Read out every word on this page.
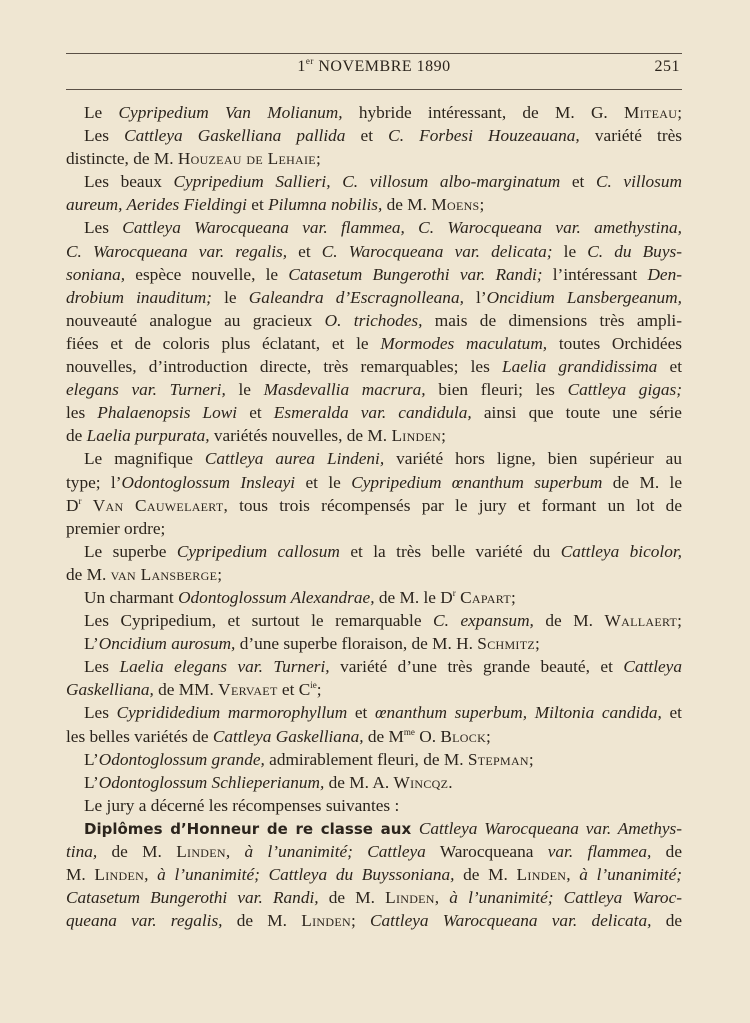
1er NOVEMBRE 1890	251
Le Cypripedium Van Molianum, hybride intéressant, de M. G. Miteau;
Les Cattleya Gaskelliana pallida et C. Forbesi Houzeauana, variété très
distincte, de M. Houzeau de Lehaie;
Les beaux Cypripedium Sallieri, C. villosum albo-marginatum et C. villosum
aureum, Aerides Fieldingi et Pilumna nobilis, de M. Moens;
Les Cattleya Warocqueana var. flammea, C. Warocqueana var. amethystina,
C. Warocqueana var. regalis, et C. Warocqueana var. delicata; le C. du Buys-
soniana, espèce nouvelle, le Catasetum Bungerothi var. Randi; l’intéressant Den-
drobium inauditum; le Galeandra d’Escragnolleana, l’Oncidium Lansbergeanum,
nouveauté analogue au gracieux O. trichodes, mais de dimensions très ampli-
fiées et de coloris plus éclatant, et le Mormodes maculatum, toutes Orchidées
nouvelles, d’introduction directe, très remarquables; les Laelia grandidissima et
elegans var. Turneri, le Masdevallia macrura, bien fleuri; les Cattleya gigas;
les Phalaenopsis Lowi et Esmeralda var. candidula, ainsi que toute une série
de Laelia purpurata, variétés nouvelles, de M. Linden;
Le magnifique Cattleya aurea Lindeni, variété hors ligne, bien supérieur au
type; l’Odontoglossum Insleayi et le Cypripedium œnanthum superbum de M. le
$D^r$ Van Cauwelaert, tous trois récompensés par le jury et formant un lot de
premier ordre;
Le superbe Cypripedium callosum et la très belle variété du Cattleya bicolor,
de M. van Lansberge;
Un charmant Odontoglossum Alexandrae, de M. le $D^r$ Capart;
Les Cypripedium, et surtout le remarquable C. expansum, de M. Wallaert;
L’Oncidium aurosum, d’une superbe floraison, de M. H. Schmitz;
Les Laelia elegans var. Turneri, variété d’une très grande beauté, et Cattleya
Gaskelliana, de MM. Vervaet et $C^{ie}$;
Les Cyprididedium marmorophyllum et œnanthum superbum, Miltonia candida, et
les belles variétés de Cattleya Gaskelliana, de $M^{me}$ O. Block;
L’Odontoglossum grande, admirablement fleuri, de M. Stepman;
L’Odontoglossum Schlieperianum, de M. A. Wincqz.
Le jury a décerné les récompenses suivantes :
Diplômes d’Honneur de re classe aux Cattleya Warocqueana var. Amethys-
tina, de M. Linden, à l’unanimité; Cattleya Warocqueana var. flammea, de
M. Linden, à l’unanimité; Cattleya du Buyssoniana, de M. Linden, à l’unanimité;
Catasetum Bungerothi var. Randi, de M. Linden, à l’unanimité; Cattleya Waroc-
queana var. regalis, de M. Linden; Cattleya Warocqueana var. delicata, de
